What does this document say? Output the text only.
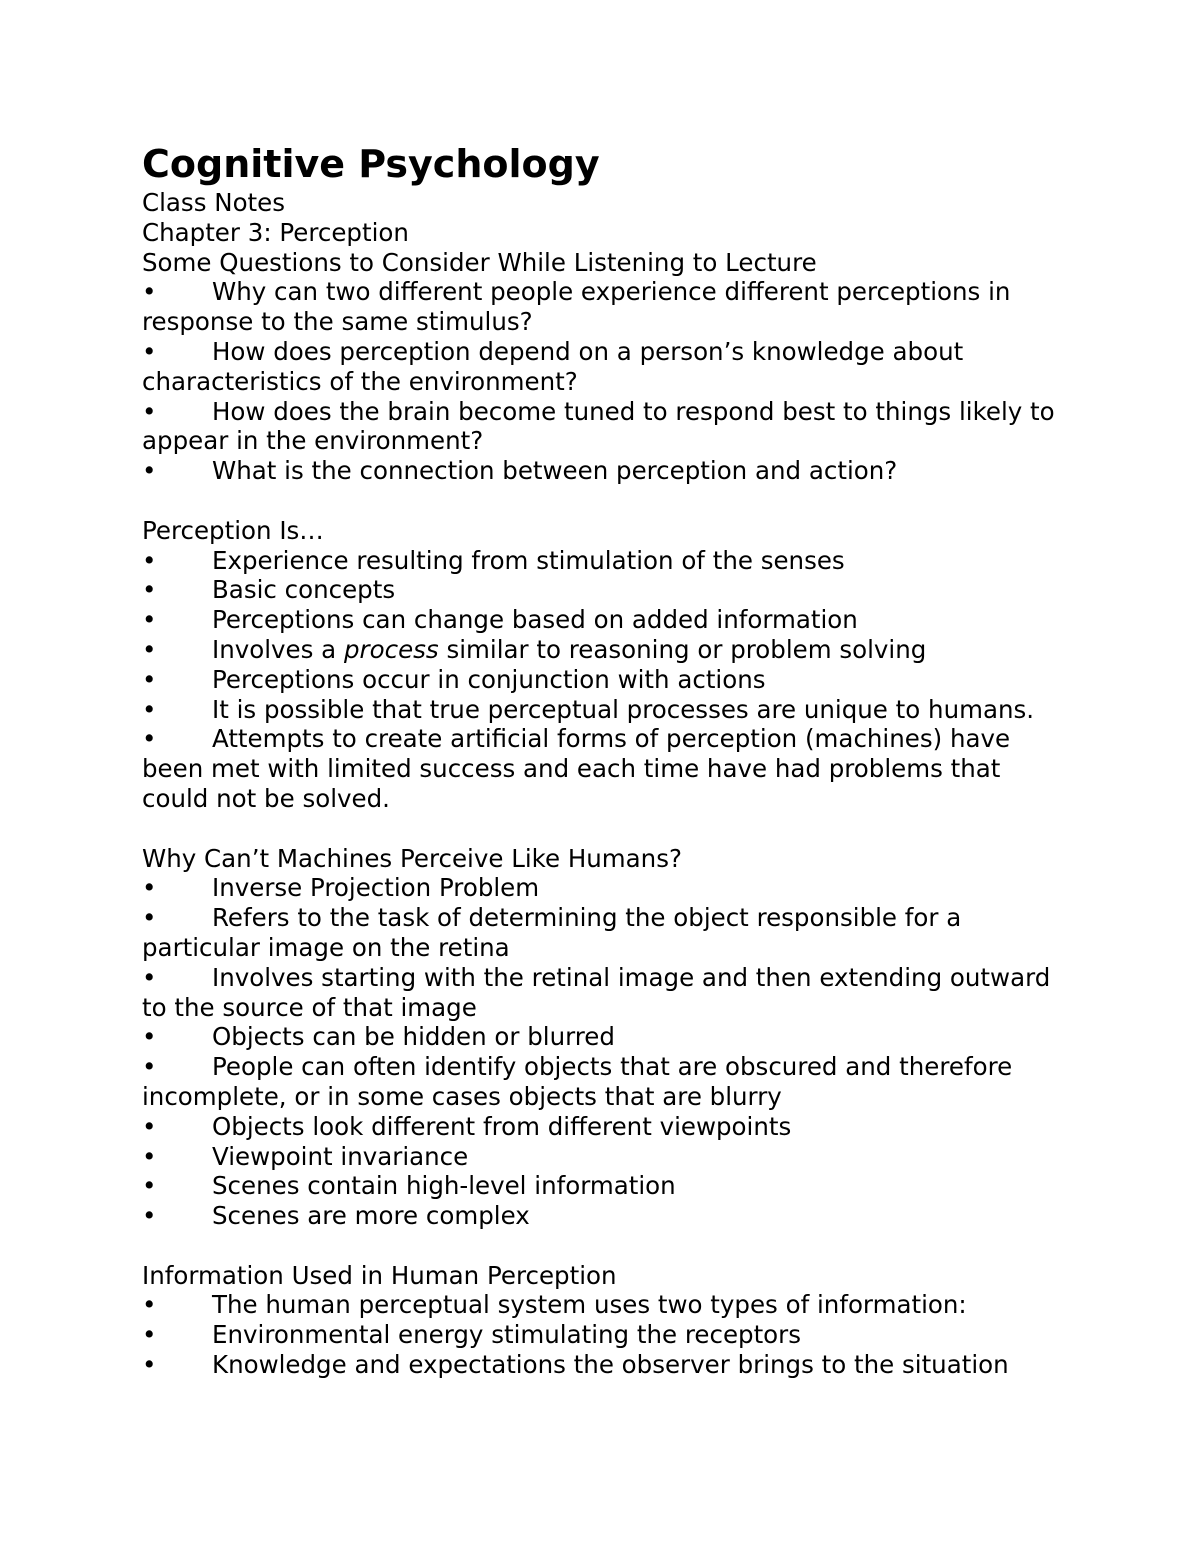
Cognitive Psychology

Class Notes

Chapter 3: Perception

Some Questions to Consider While Listening to Lecture

• Why can two different people experience different perceptions in response to the same stimulus?
• How does perception depend on a person’s knowledge about characteristics of the environment?
• How does the brain become tuned to respond best to things likely to appear in the environment?
• What is the connection between perception and action?

Perception Is…

• Experience resulting from stimulation of the senses
• Basic concepts
• Perceptions can change based on added information
• Involves a process similar to reasoning or problem solving
• Perceptions occur in conjunction with actions
• It is possible that true perceptual processes are unique to humans.
• Attempts to create artificial forms of perception (machines) have been met with limited success and each time have had problems that could not be solved.

Why Can’t Machines Perceive Like Humans?

• Inverse Projection Problem
• Refers to the task of determining the object responsible for a particular image on the retina
• Involves starting with the retinal image and then extending outward to the source of that image
• Objects can be hidden or blurred
• People can often identify objects that are obscured and therefore incomplete, or in some cases objects that are blurry
• Objects look different from different viewpoints
• Viewpoint invariance
• Scenes contain high-level information
• Scenes are more complex

Information Used in Human Perception

• The human perceptual system uses two types of information:
• Environmental energy stimulating the receptors
• Knowledge and expectations the observer brings to the situation
